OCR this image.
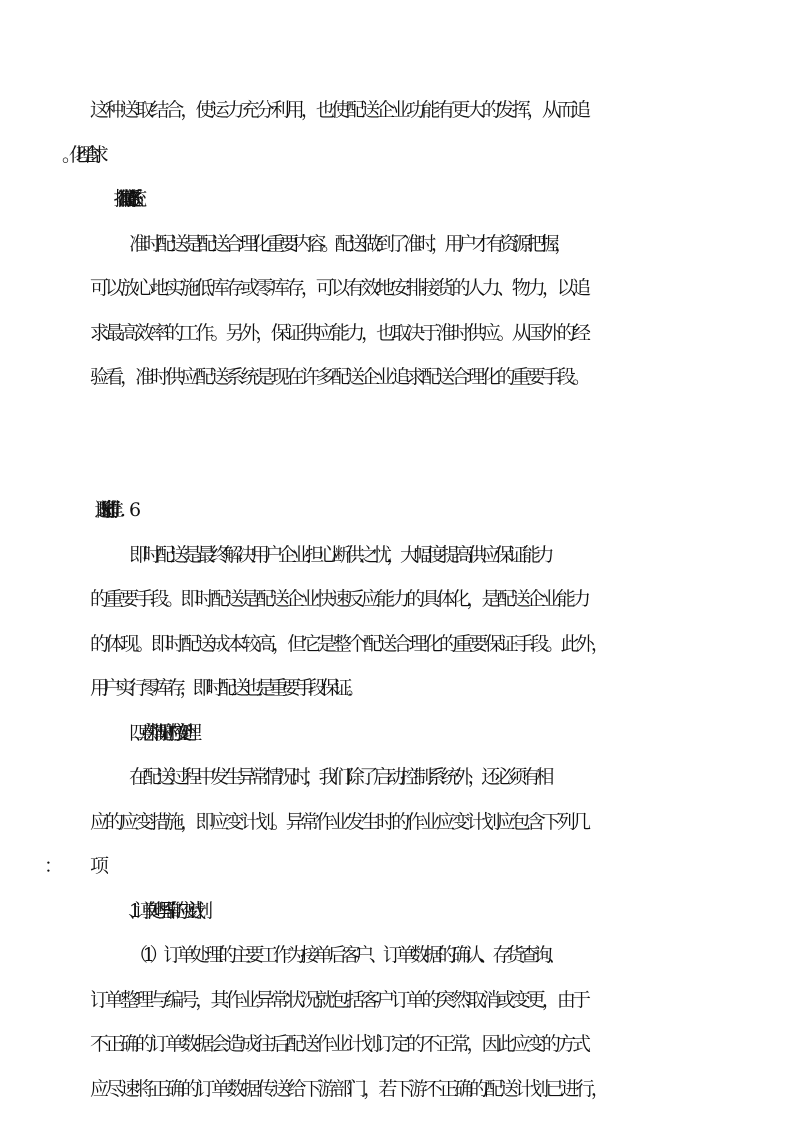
这种送取结合，使运力充分利用，也使配送企业功能有更大的发挥，从而追
5.推行准时配送系统
准时配送是配送合理化重要内容。配送做到了准时，用户才有资源把握，
可以放心地实施低库存或零库存，可以有效地安排接货的人力、物力，以追
求最高效率的工作。另外，保证供应能力，也取决于准时供应。从国外的经
验看，准时供应配送系统是现在许多配送企业追求配送合理化的重要手段。
即时配送是最终解决用户企业担心断供之忧，大幅度提高供应保证能力
的重要手段。即时配送是配送企业快速反应能力的具体化，是配送企业能力
的体现。即时配送成本较高，但它是整个配送合理化的重要保证手段。此外，
用户实行零库存，即时配送也是重要手段保证。
四、意外情况时的应变处理
在配送过程中发生异常情况时，我们除了启动控制系统外，还必须有相
应的应变措施，即应变计划。异常作业发生时的作业应变计划应包含下列几
1、订单处理异常的应变计划
（1）订单处理的主要工作为接单后客户、订单数据的确认、存货查询、
订单整理与编号，其作业异常状况就包括客户订单的突然取消或变更，由于
不正确的订单数据会造成往后配送作业计划订定的不正常，因此应变的方式
应尽速将正确的订单数据传送给下游部门，若下游不正确的配送计划已进行，
